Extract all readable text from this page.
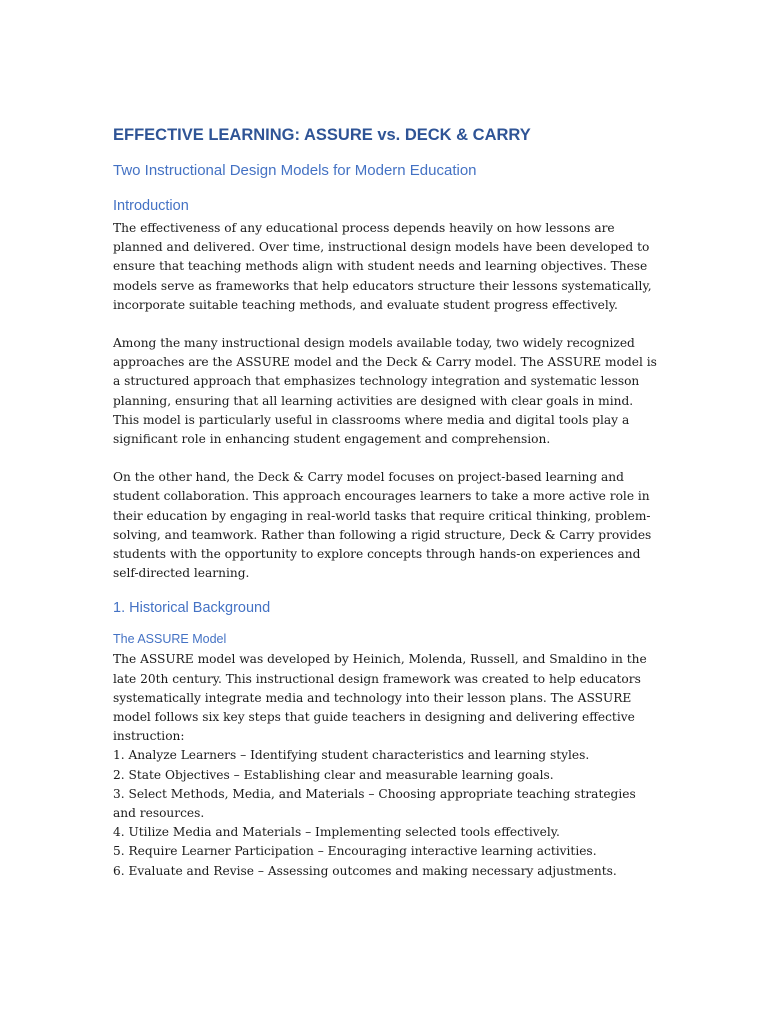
EFFECTIVE LEARNING: ASSURE vs. DECK & CARRY
Two Instructional Design Models for Modern Education
Introduction

The effectiveness of any educational process depends heavily on how lessons are planned and delivered. Over time, instructional design models have been developed to ensure that teaching methods align with student needs and learning objectives. These models serve as frameworks that help educators structure their lessons systematically, incorporate suitable teaching methods, and evaluate student progress effectively.

Among the many instructional design models available today, two widely recognized approaches are the ASSURE model and the Deck & Carry model. The ASSURE model is a structured approach that emphasizes technology integration and systematic lesson planning, ensuring that all learning activities are designed with clear goals in mind. This model is particularly useful in classrooms where media and digital tools play a significant role in enhancing student engagement and comprehension.

On the other hand, the Deck & Carry model focuses on project-based learning and student collaboration. This approach encourages learners to take a more active role in their education by engaging in real-world tasks that require critical thinking, problem-solving, and teamwork. Rather than following a rigid structure, Deck & Carry provides students with the opportunity to explore concepts through hands-on experiences and self-directed learning.

1. Historical Background
The ASSURE Model

The ASSURE model was developed by Heinich, Molenda, Russell, and Smaldino in the late 20th century. This instructional design framework was created to help educators systematically integrate media and technology into their lesson plans. The ASSURE model follows six key steps that guide teachers in designing and delivering effective instruction:

1. Analyze Learners – Identifying student characteristics and learning styles.
2. State Objectives – Establishing clear and measurable learning goals.
3. Select Methods, Media, and Materials – Choosing appropriate teaching strategies and resources.
4. Utilize Media and Materials – Implementing selected tools effectively.
5. Require Learner Participation – Encouraging interactive learning activities.
6. Evaluate and Revise – Assessing outcomes and making necessary adjustments.
